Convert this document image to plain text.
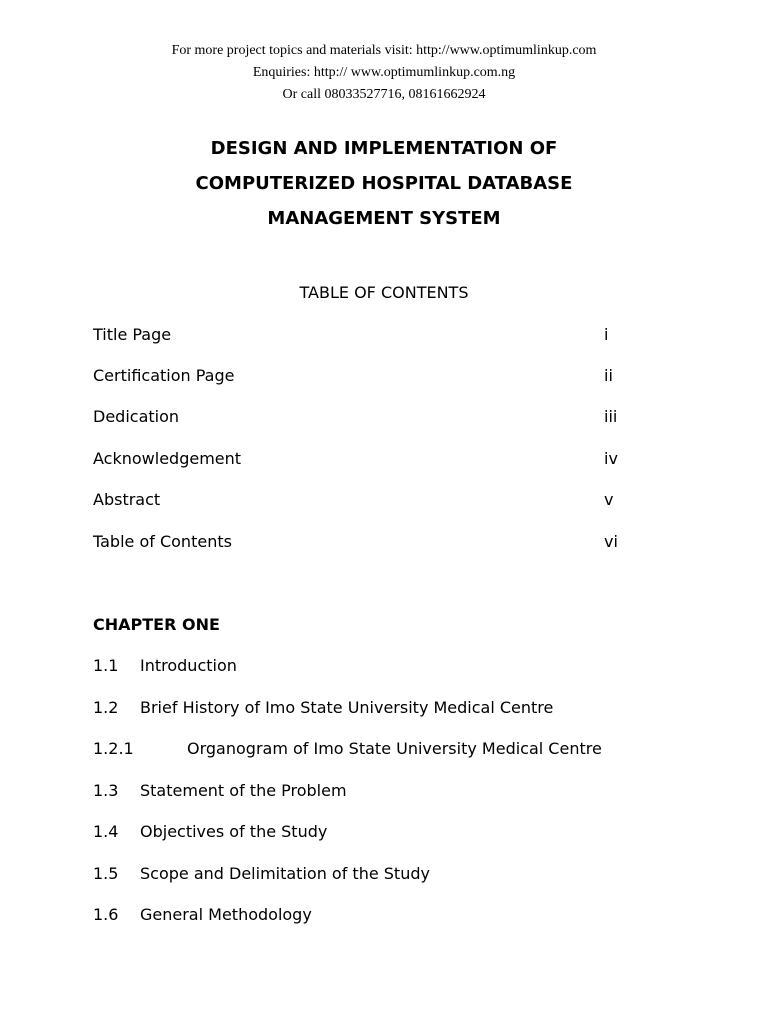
For more project topics and materials visit: http://www.optimumlinkup.com
Enquiries: http:// www.optimumlinkup.com.ng
Or call 08033527716, 08161662924
DESIGN AND IMPLEMENTATION OF
COMPUTERIZED HOSPITAL DATABASE
MANAGEMENT SYSTEM
TABLE OF CONTENTS
Title Page	i
Certification Page	ii
Dedication	iii
Acknowledgement	iv
Abstract	v
Table of Contents	vi
CHAPTER ONE
1.1 Introduction
1.2 Brief History of Imo State University Medical Centre
1.2.1	Organogram of Imo State University Medical Centre
1.3 Statement of the Problem
1.4 Objectives of the Study
1.5 Scope and Delimitation of the Study
1.6 General Methodology
